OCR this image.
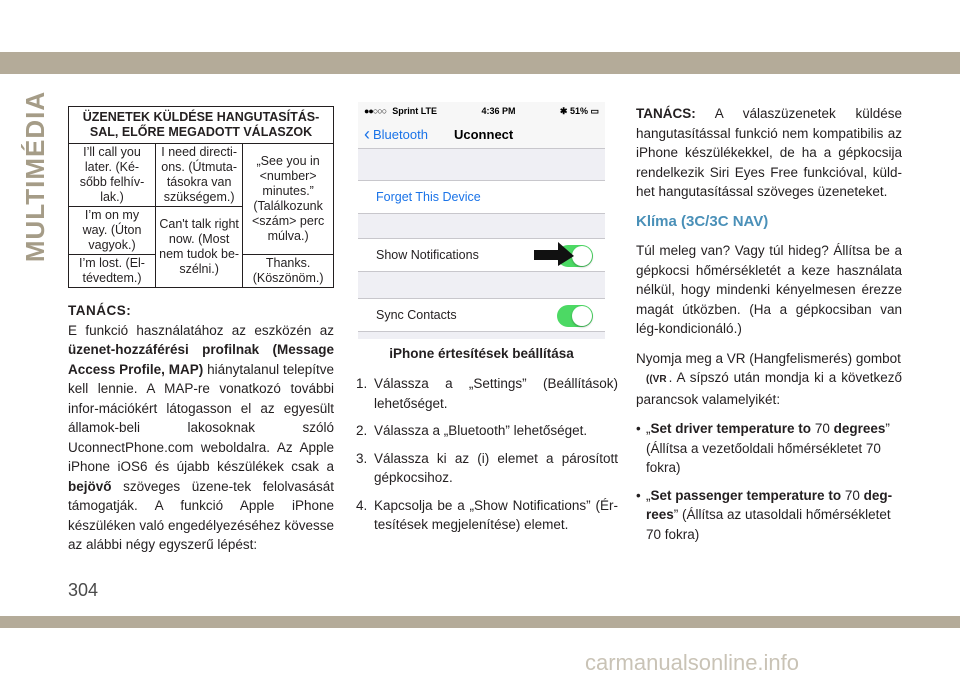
MULTIMÉDIA	ÜZENETEK KÜLDÉSE HANGUTASÍTÁS-SAL, ELŐRE MEGADOTT VÁLASZOK		
I’ll call you later. (Ké-sőbb felhív-lak.)	I need directi-ons. (Útmuta-tásokra van szükségem.)	„See you in <number> minutes.” (Találkozunk <szám> perc múlva.)
I’m on my way. (Úton vagyok.)	Can't talk right now. (Most nem tudok be-szélni.)	
I’m lost. (El-tévedtem.)		Thanks. (Köszönöm.)
TANÁCS:
E funkció használatához az eszközén az üzenet-hozzáférési profilnak (Message Access Profile, MAP) hiánytalanul telepítve kell lennie. A MAP-re vonatkozó további infor-mációkért látogasson el az egyesült államok-beli lakosoknak szóló UconnectPhone.com weboldalra. Az Apple iPhone iOS6 és újabb készülékek csak a bejövő szöveges üzene-tek felolvasását támogatják. A funkció Apple iPhone készüléken való engedélyezéséhez kövesse az alábbi négy egyszerű lépést:
●●○○○ Sprint
LTE	4:36 PM	✱
51%
▭
‹ Bluetooth Uconnect
Forget This Device
Show Notifications
Sync Contacts
iPhone értesítések beállítása
1. Válassza a „Settings” (Beállítások) lehetőséget.
2. Válassza a „Bluetooth” lehetőséget.
3. Válassza ki az (i) elemet a párosított gépkocsihoz.
4. Kapcsolja be a „Show Notifications” (Ér-tesítések megjelenítése) elemet.

TANÁCS: A válaszüzenetek küldése hangutasítással funkció nem kompatibilis az iPhone készülékekkel, de ha a gépkocsija rendelkezik Siri Eyes Free funkcióval, küld-het hangutasítással szöveges üzeneteket.

Klíma (3C/3C NAV)

Túl meleg van? Vagy túl hideg? Állítsa be a gépkocsi hőmérsékletét a keze használata nélkül, hogy mindenki kényelmesen érezze magát útközben. (Ha a gépkocsiban van lég-kondicionáló.)

Nyomja meg a VR (Hangfelismerés) gombot
((VR . A sípszó után mondja ki a következő parancsok valamelyikét:

• „Set driver temperature to 70 degrees” (Állítsa a vezetőoldali hőmérsékletet 70 fokra)
• „Set passenger temperature to 70 deg-rees” (Állítsa az utasoldali hőmérsékletet 70 fokra)
304
carmanualsonline.info
